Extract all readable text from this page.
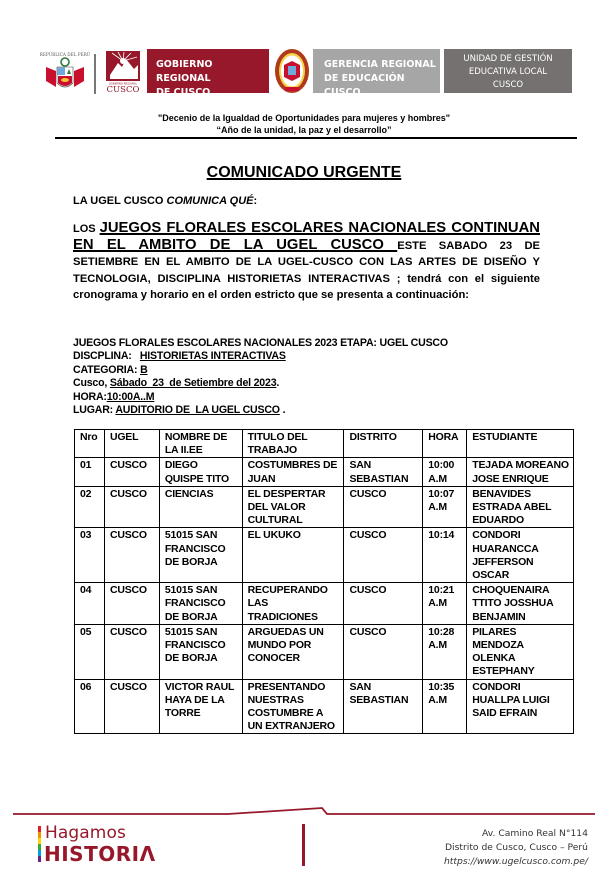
REPÚBLICA DEL PERÚ
GOBIERNO REGIONAL
CUSCO
GOBIERNO REGIONAL
DE CUSCO
GERENCIA REGIONAL
DE EDUCACIÓN CUSCO
UNIDAD DE GESTIÓN
EDUCATIVA LOCAL
CUSCO
"Decenio de la Igualdad de Oportunidades para mujeres y hombres"
“Año de la unidad, la paz y el desarrollo”
COMUNICADO URGENTE
LA UGEL CUSCO COMUNICA QUÉ:
LOS JUEGOS FLORALES ESCOLARES NACIONALES CONTINUAN
EN EL AMBITO DE LA UGEL CUSCO ESTE SABADO 23 DE
SETIEMBRE EN EL AMBITO DE LA UGEL-CUSCO CON LAS ARTES DE DISEÑO Y TECNOLOGIA, DISCIPLINA HISTORIETAS INTERACTIVAS ; tendrá con el siguiente cronograma y horario en el orden estricto que se presenta a continuación:
JUEGOS FLORALES ESCOLARES NACIONALES 2023 ETAPA: UGEL CUSCO
DISCPLINA:   HISTORIETAS INTERACTIVAS
CATEGORIA: B
Cusco, Sábado  23  de Setiembre del 2023.
HORA:10:00A..M
LUGAR: AUDITORIO DE  LA UGEL CUSCO .
Nro	UGEL	NOMBRE DE LA II.EE	TITULO DEL TRABAJO	DISTRITO	HORA	ESTUDIANTE
01	CUSCO	DIEGO QUISPE TITO	COSTUMBRES DE JUAN	SAN SEBASTIAN	10:00 A.M	TEJADA MOREANO JOSE ENRIQUE
02	CUSCO	CIENCIAS	EL DESPERTAR DEL VALOR CULTURAL	CUSCO	10:07 A.M	BENAVIDES ESTRADA ABEL EDUARDO
03	CUSCO	51015 SAN FRANCISCO DE BORJA	EL UKUKO	CUSCO	10:14	CONDORI HUARANCCA JEFFERSON OSCAR
04	CUSCO	51015 SAN FRANCISCO DE BORJA	RECUPERANDO LAS TRADICIONES	CUSCO	10:21 A.M	CHOQUENAIRA TTITO JOSSHUA BENJAMIN
05	CUSCO	51015 SAN FRANCISCO DE BORJA	ARGUEDAS UN MUNDO POR CONOCER	CUSCO	10:28 A.M	PILARES MENDOZA OLENKA ESTEPHANY
06	CUSCO	VICTOR RAUL HAYA DE LA TORRE	PRESENTANDO NUESTRAS COSTUMBRE A UN EXTRANJERO	SAN SEBASTIAN	10:35 A.M	CONDORI HUALLPA LUIGI SAID EFRAIN
Hagamos
HISTORIΛ
Av. Camino Real N°114
Distrito de Cusco, Cusco – Perú
https://www.ugelcusco.com.pe/
